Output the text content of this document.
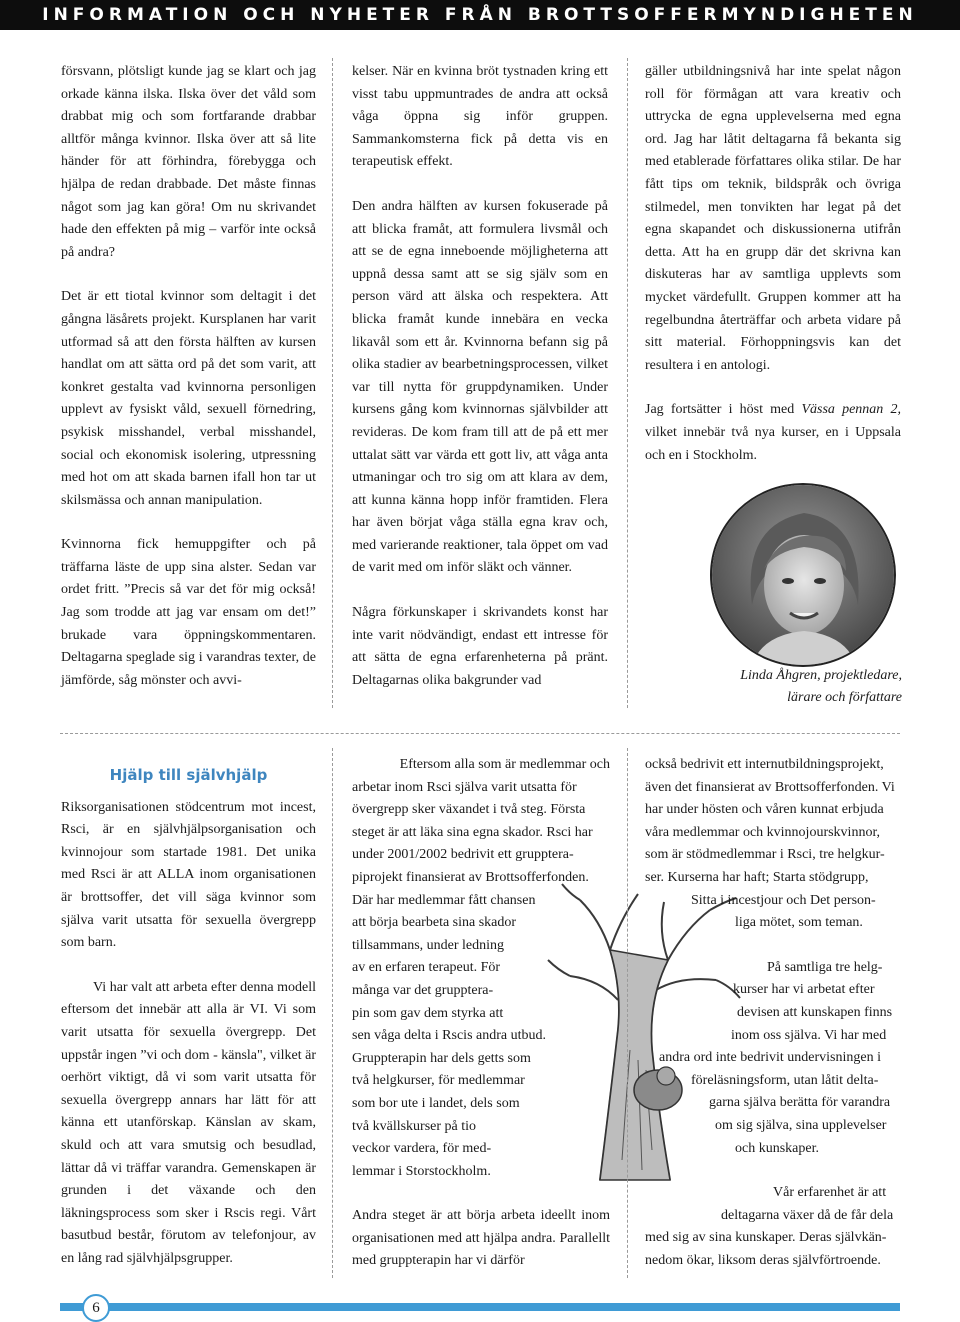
INFORMATION OCH NYHETER FRÅN BROTTSOFFERMYNDIGHETEN

försvann, plötsligt kunde jag se klart och jag orkade känna ilska. Ilska över det våld som drabbat mig och som fortfarande drabbar alltför många kvinnor. Ilska över att så lite händer för att förhindra, förebygga och hjälpa de redan drabbade. Det måste finnas något som jag kan göra! Om nu skrivandet hade den effekten på mig – varför inte också på andra?

Det är ett tiotal kvinnor som deltagit i det gångna läsårets projekt. Kursplanen har varit utformad så att den första hälften av kursen handlat om att sätta ord på det som varit, att konkret gestalta vad kvinnorna personligen upplevt av fysiskt våld, sexuell förnedring, psykisk misshandel, verbal misshandel, social och ekonomisk isolering, utpressning med hot om att skada barnen ifall hon tar ut skilsmässa och annan manipulation.

Kvinnorna fick hemuppgifter och på träffarna läste de upp sina alster. Sedan var ordet fritt. ”Precis så var det för mig också! Jag som trodde att jag var ensam om det!” brukade vara öppningskommentaren. Deltagarna speglade sig i varandras texter, de jämförde, såg mönster och avvi-

kelser. När en kvinna bröt tystnaden kring ett visst tabu uppmuntrades de andra att också våga öppna sig inför gruppen. Sammankomsterna fick på detta vis en terapeutisk effekt.

Den andra hälften av kursen fokuserade på att blicka framåt, att formulera livsmål och att se de egna inneboende möjligheterna att uppnå dessa samt att se sig själv som en person värd att älska och respektera. Att blicka framåt kunde innebära en vecka likavål som ett år. Kvinnorna befann sig på olika stadier av bearbetningsprocessen, vilket var till nytta för gruppdynamiken. Under kursens gång kom kvinnornas självbilder att revideras. De kom fram till att de på ett mer uttalat sätt var värda ett gott liv, att våga anta utmaningar och tro sig om att klara av dem, att kunna känna hopp inför framtiden. Flera har även börjat våga ställa egna krav och, med varierande reaktioner, tala öppet om vad de varit med om inför släkt och vänner.

Några förkunskaper i skrivandets konst har inte varit nödvändigt, endast ett intresse för att sätta de egna erfarenheterna på pränt. Deltagarnas olika bakgrunder vad

gäller utbildningsnivå har inte spelat någon roll för förmågan att vara kreativ och uttrycka de egna upplevelserna med egna ord. Jag har låtit deltagarna få bekanta sig med etablerade författares olika stilar. De har fått tips om teknik, bildspråk och övriga stilmedel, men tonvikten har legat på det egna skapandet och diskussionerna utifrån detta. Att ha en grupp där det skrivna kan diskuteras har av samtliga upplevts som mycket värdefullt. Gruppen kommer att ha regelbundna återträffar och arbeta vidare på sitt material. Förhoppningsvis kan det resultera i en antologi.

Jag fortsätter i höst med Vässa pennan 2, vilket innebär två nya kurser, en i Uppsala och en i Stockholm.

Linda Åhgren, projektledare,
lärare och författare
Hjälp till självhjälp

Riksorganisationen stödcentrum mot incest, Rsci, är en självhjälpsorganisation och kvinnojour som startade 1981. Det unika med Rsci är att ALLA inom organisationen är brottsoffer, det vill säga kvinnor som själva varit utsatta för sexuella övergrepp som barn.

Vi har valt att arbeta efter denna modell eftersom det innebär att alla är VI. Vi som varit utsatta för sexuella övergrepp. Det uppstår ingen ”vi och dom - känsla", vilket är oerhört viktigt, då vi som varit utsatta för sexuella övergrepp annars har lätt för att känna ett utanförskap. Känslan av skam, skuld och att vara smutsig och besudlad, lättar då vi träffar varandra. Gemenskapen är grunden i det växande och den läkningsprocess som sker i Rscis regi. Vårt basutbud består, förutom av telefonjour, av en lång rad självhjälpsgrupper.

Eftersom alla som är medlemmar och
arbetar inom Rsci själva varit utsatta för
övergrepp sker växandet i två steg. Första
steget är att läka sina egna skador. Rsci har
under 2001/2002 bedrivit ett gruppterа-
piprojekt finansierat av Brottsofferfonden.
Där har medlemmar fått chansen
att börja bearbeta sina skador
tillsammans, under ledning
av en erfaren terapeut. För
många var det gruppterа-
pin som gav dem styrka att
sen våga delta i Rscis andra utbud.
Gruppterapin har dels getts som
två helgkurser, för medlemmar
som bor ute i landet, dels som
två kvällskurser på tio
veckor vardera, för med-
lemmar i Storstockholm.

Andra steget är att börja arbeta ideellt inom organisationen med att hjälpa andra. Parallellt med gruppterapin har vi därför

också bedrivit ett internutbildningsprojekt,
även det finansierat av Brottsofferfonden. Vi
har under hösten och våren kunnat erbjuda
våra medlemmar och kvinnojourskvinnor,
som är stödmedlemmar i Rsci, tre helgkur-
ser. Kurserna har haft; Starta stödgrupp,
Sitta i incestjour och Det person-
liga mötet, som teman.
På samtliga tre helg-
kurser har vi arbetat efter
devisen att kunskapen finns
inom oss själva. Vi har med
andra ord inte bedrivit undervisningen i
föreläsningsform, utan låtit delta-
garna själva berätta för varandra
om sig själva, sina upplevelser
och kunskaper.
Vår erfarenhet är att
deltagarna växer då de får dela
med sig av sina kunskaper. Deras självkän-
nedom ökar, liksom deras självförtroende.
6
